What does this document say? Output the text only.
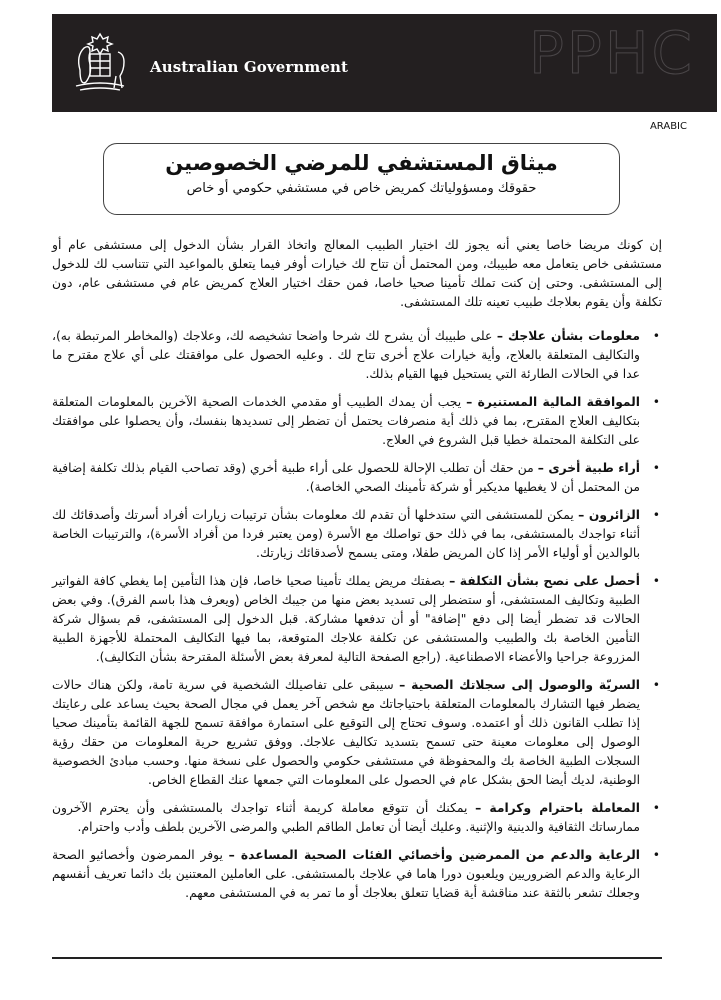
Australian Government	PPHC
ARABIC
ميثاق المستشفي للمرضي الخصوصين
حقوقك ومسؤولياتك كمريض خاص في مستشفي حكومي أو خاص

إن كونك مريضا خاصا يعني أنه يجوز لك اختيار الطبيب المعالج واتخاذ القرار بشأن الدخول إلى مستشفى عام أو مستشفى خاص يتعامل معه طبيبك، ومن المحتمل أن تتاح لك خيارات أوفر فيما يتعلق بالمواعيد التي تتناسب لك للدخول إلى المستشفى. وحتى إن كنت تملك تأمينا صحيا خاصا، فمن حقك اختيار العلاج كمريض عام في مستشفى عام، دون تكلفة وأن يقوم بعلاجك طبيب تعينه تلك المستشفى.

•
معلومات بشأن علاجك – على طبيبك أن يشرح لك شرحا واضحا تشخيصه لك، وعلاجك (والمخاطر المرتبطة به)، والتكاليف المتعلقة بالعلاج، وأية خيارات علاج أخرى تتاح لك . وعليه الحصول على موافقتك على أي علاج مقترح ما عدا في الحالات الطارئة التي يستحيل فيها القيام بذلك.
•
الموافقة المالية المستنيرة – يجب أن يمدك الطبيب أو مقدمي الخدمات الصحية الآخرين بالمعلومات المتعلقة بتكاليف العلاج المقترح، بما في ذلك أية منصرفات يحتمل أن تضطر إلى تسديدها بنفسك، وأن يحصلوا على موافقتك على التكلفة المحتملة خطيا قبل الشروع في العلاج.
•
أراء طبية أخرى – من حقك أن تطلب الإحالة للحصول على أراء طبية أخري (وقد تصاحب القيام بذلك تكلفة إضافية من المحتمل أن لا يغطيها مديكير أو شركة تأمينك الصحي الخاصة).
•
الزائرون – يمكن للمستشفى التي ستدخلها أن تقدم لك معلومات بشأن ترتيبات زيارات أفراد أسرتك وأصدقائك لك أثناء تواجدك بالمستشفى، بما في ذلك حق تواصلك مع الأسرة (ومن يعتبر فردا من أفراد الأسرة)، والترتيبات الخاصة بالوالدين أو أولياء الأمر إذا كان المريض طفلا، ومتى يسمح لأصدقائك زيارتك.
•
أحصل على نصح بشأن التكلفة – بصفتك مريض يملك تأمينا صحيا خاصا، فإن هذا التأمين إما يغطي كافة الفواتير الطبية وتكاليف المستشفى، أو ستضطر إلى تسديد بعض منها من جيبك الخاص (ويعرف هذا باسم الفرق). وفي بعض الحالات قد تضطر أيضا إلى دفع "إضافة" أو أن تدفعها مشاركة. قبل الدخول إلى المستشفى، قم بسؤال شركة التأمين الخاصة بك والطبيب والمستشفى عن تكلفة علاجك المتوقعة، بما فيها التكاليف المحتملة للأجهزة الطبية المزروعة جراحيا والأعضاء الاصطناعية. (راجع الصفحة التالية لمعرفة بعض الأسئلة المقترحة بشأن التكاليف).
•
السريّة والوصول إلى سجلاتك الصحية – سيبقى على تفاصيلك الشخصية في سرية تامة، ولكن هناك حالات يضطر فيها التشارك بالمعلومات المتعلقة باحتياجاتك مع شخص آخر يعمل في مجال الصحة بحيث يساعد على رعايتك إذا تطلب القانون ذلك أو اعتمده. وسوف تحتاج إلى التوقيع على استمارة موافقة تسمح للجهة القائمة بتأمينك صحيا الوصول إلى معلومات معينة حتى تسمح بتسديد تكاليف علاجك. ووفق تشريع حرية المعلومات من حقك رؤية السجلات الطبية الخاصة بك والمحفوظة في مستشفى حكومي والحصول على نسخة منها. وحسب مبادئ الخصوصية الوطنية، لديك أيضا الحق بشكل عام في الحصول على المعلومات التي جمعها عنك القطاع الخاص.
•
المعاملة باحترام وكرامة – يمكنك أن تتوقع معاملة كريمة أثناء تواجدك بالمستشفى وأن يحترم الآخرون ممارساتك الثقافية والدينية والإثنية. وعليك أيضا أن تعامل الطاقم الطبي والمرضى الآخرين بلطف وأدب واحترام.
•
الرعاية والدعم من الممرضين وأخصائي الفئات الصحية المساعدة – يوفر الممرضون وأخصائيو الصحة الرعاية والدعم الضروريين ويلعبون دورا هاما في علاجك بالمستشفى. على العاملين المعتنين بك دائما تعريف أنفسهم وجعلك تشعر بالثقة عند مناقشة أية قضايا تتعلق بعلاجك أو ما تمر به في المستشفى معهم.
